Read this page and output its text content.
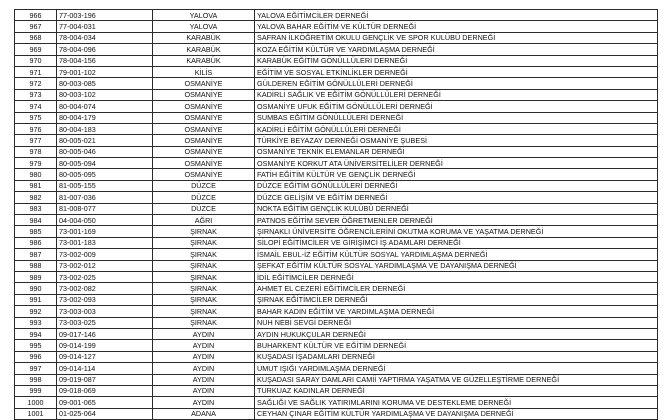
966	77-003-196	YALOVA	YALOVA EĞİTİMCİLER DERNEĞİ
967	77-004-031	YALOVA	YALOVA BAHAR EĞİTİM VE KÜLTÜR DERNEĞİ
968	78-004-034	KARABÜK	SAFRAN İLKÖĞRETİM OKULU GENÇLİK VE SPOR KULÜBÜ DERNEĞİ
969	78-004-096	KARABÜK	KOZA EĞİTİM KÜLTÜR VE YARDIMLAŞMA DERNEĞİ
970	78-004-156	KARABÜK	KARABÜK EĞİTİM GÖNÜLLÜLERİ DERNEĞİ
971	79-001-102	KİLİS	EĞİTİM VE SOSYAL ETKİNLİKLER DERNEĞİ
972	80-003-085	OSMANİYE	GÜLDEREN EĞİTİM GÖNÜLLÜLERİ DERNEĞİ
973	80-003-102	OSMANİYE	KADİRLİ SAĞLIK VE EĞİTİM GÖNÜLLÜLERİ DERNEĞİ
974	80-004-074	OSMANİYE	OSMANİYE UFUK EĞİTİM GÖNÜLLÜLERİ DERNEĞİ
975	80-004-179	OSMANİYE	SUMBAS EĞİTİM GÖNÜLLÜLERİ DERNEĞİ
976	80-004-183	OSMANİYE	KADİRLİ EĞİTİM GÖNÜLLÜLERİ DERNEĞİ
977	80-005-021	OSMANİYE	TÜRKİYE BEYAZAY DERNEĞİ OSMANİYE ŞUBESİ
978	80-005-046	OSMANİYE	OSMANİYE TEKNİK ELEMANLAR DERNEĞİ
979	80-005-094	OSMANİYE	OSMANİYE KORKUT ATA ÜNİVERSİTELİLER DERNEĞİ
980	80-005-095	OSMANİYE	FATİH EĞİTİM KÜLTÜR VE GENÇLİK DERNEĞİ
981	81-005-155	DÜZCE	DÜZCE EĞİTİM GÖNÜLLÜLERİ DERNEĞİ
982	81-007-036	DÜZCE	DÜZCE GELİŞİM VE EĞİTİM DERNEĞİ
983	81-008-077	DÜZCE	NOKTA EĞİTİM GENÇLİK KULÜBÜ DERNEĞİ
984	04-004-050	AĞRI	PATNOS EĞİTİM SEVER ÖĞRETMENLER DERNEĞİ
985	73-001-169	ŞIRNAK	ŞIRNAKLI ÜNİVERSİTE ÖĞRENCİLERİNİ OKUTMA KORUMA VE YAŞATMA DERNEĞİ
986	73-001-183	ŞIRNAK	SİLOPİ EĞİTİMCİLER VE GİRİŞİMCİ İŞ ADAMLARI DERNEĞİ
987	73-002-009	ŞIRNAK	İSMAİL EBUL-İZ EĞİTİM KÜLTÜR SOSYAL YARDIMLAŞMA DERNEĞİ
988	73-002-012	ŞIRNAK	ŞEFKAT EĞİTİM KÜLTÜR SOSYAL YARDIMLAŞMA VE DAYANIŞMA DERNEĞİ
989	73-002-025	ŞIRNAK	İDİL EĞİTİMCİLER DERNEĞİ
990	73-002-082	ŞIRNAK	AHMET EL CEZERİ EĞİTİMCİLER DERNEĞİ
991	73-002-093	ŞIRNAK	ŞIRNAK EĞİTİMCİLER DERNEĞİ
992	73-003-003	ŞIRNAK	BAHAR KADIN EĞİTİM VE YARDIMLAŞMA DERNEĞİ
993	73-003-025	ŞIRNAK	NUH NEBİ SEVGİ DERNEĞİ
994	09-017-146	AYDIN	AYDIN HUKUKÇULAR DERNEĞİ
995	09-014-199	AYDIN	BUHARKENT KÜLTÜR VE EĞİTİM DERNEĞİ
996	09-014-127	AYDIN	KUŞADASI İŞADAMLARI DERNEĞİ
997	09-014-114	AYDIN	UMUT IŞIĞI YARDIMLAŞMA DERNEĞİ
998	09-019-087	AYDIN	KUŞADASI SARAY DAMLARI CAMİİ YAPTIRMA YAŞATMA VE GÜZELLEŞTİRME DERNEĞİ
999	09-018-069	AYDIN	TURKUAZ KADINLAR DERNEĞİ
1000	09-001-065	AYDIN	SAĞLIĞI VE SAĞLIK YATIRIMLARINI KORUMA VE DESTEKLEME DERNEĞİ
1001	01-025-064	ADANA	CEYHAN ÇINAR EĞİTİM KÜLTÜR YARDIMLAŞMA VE DAYANIŞMA DERNEĞİ
